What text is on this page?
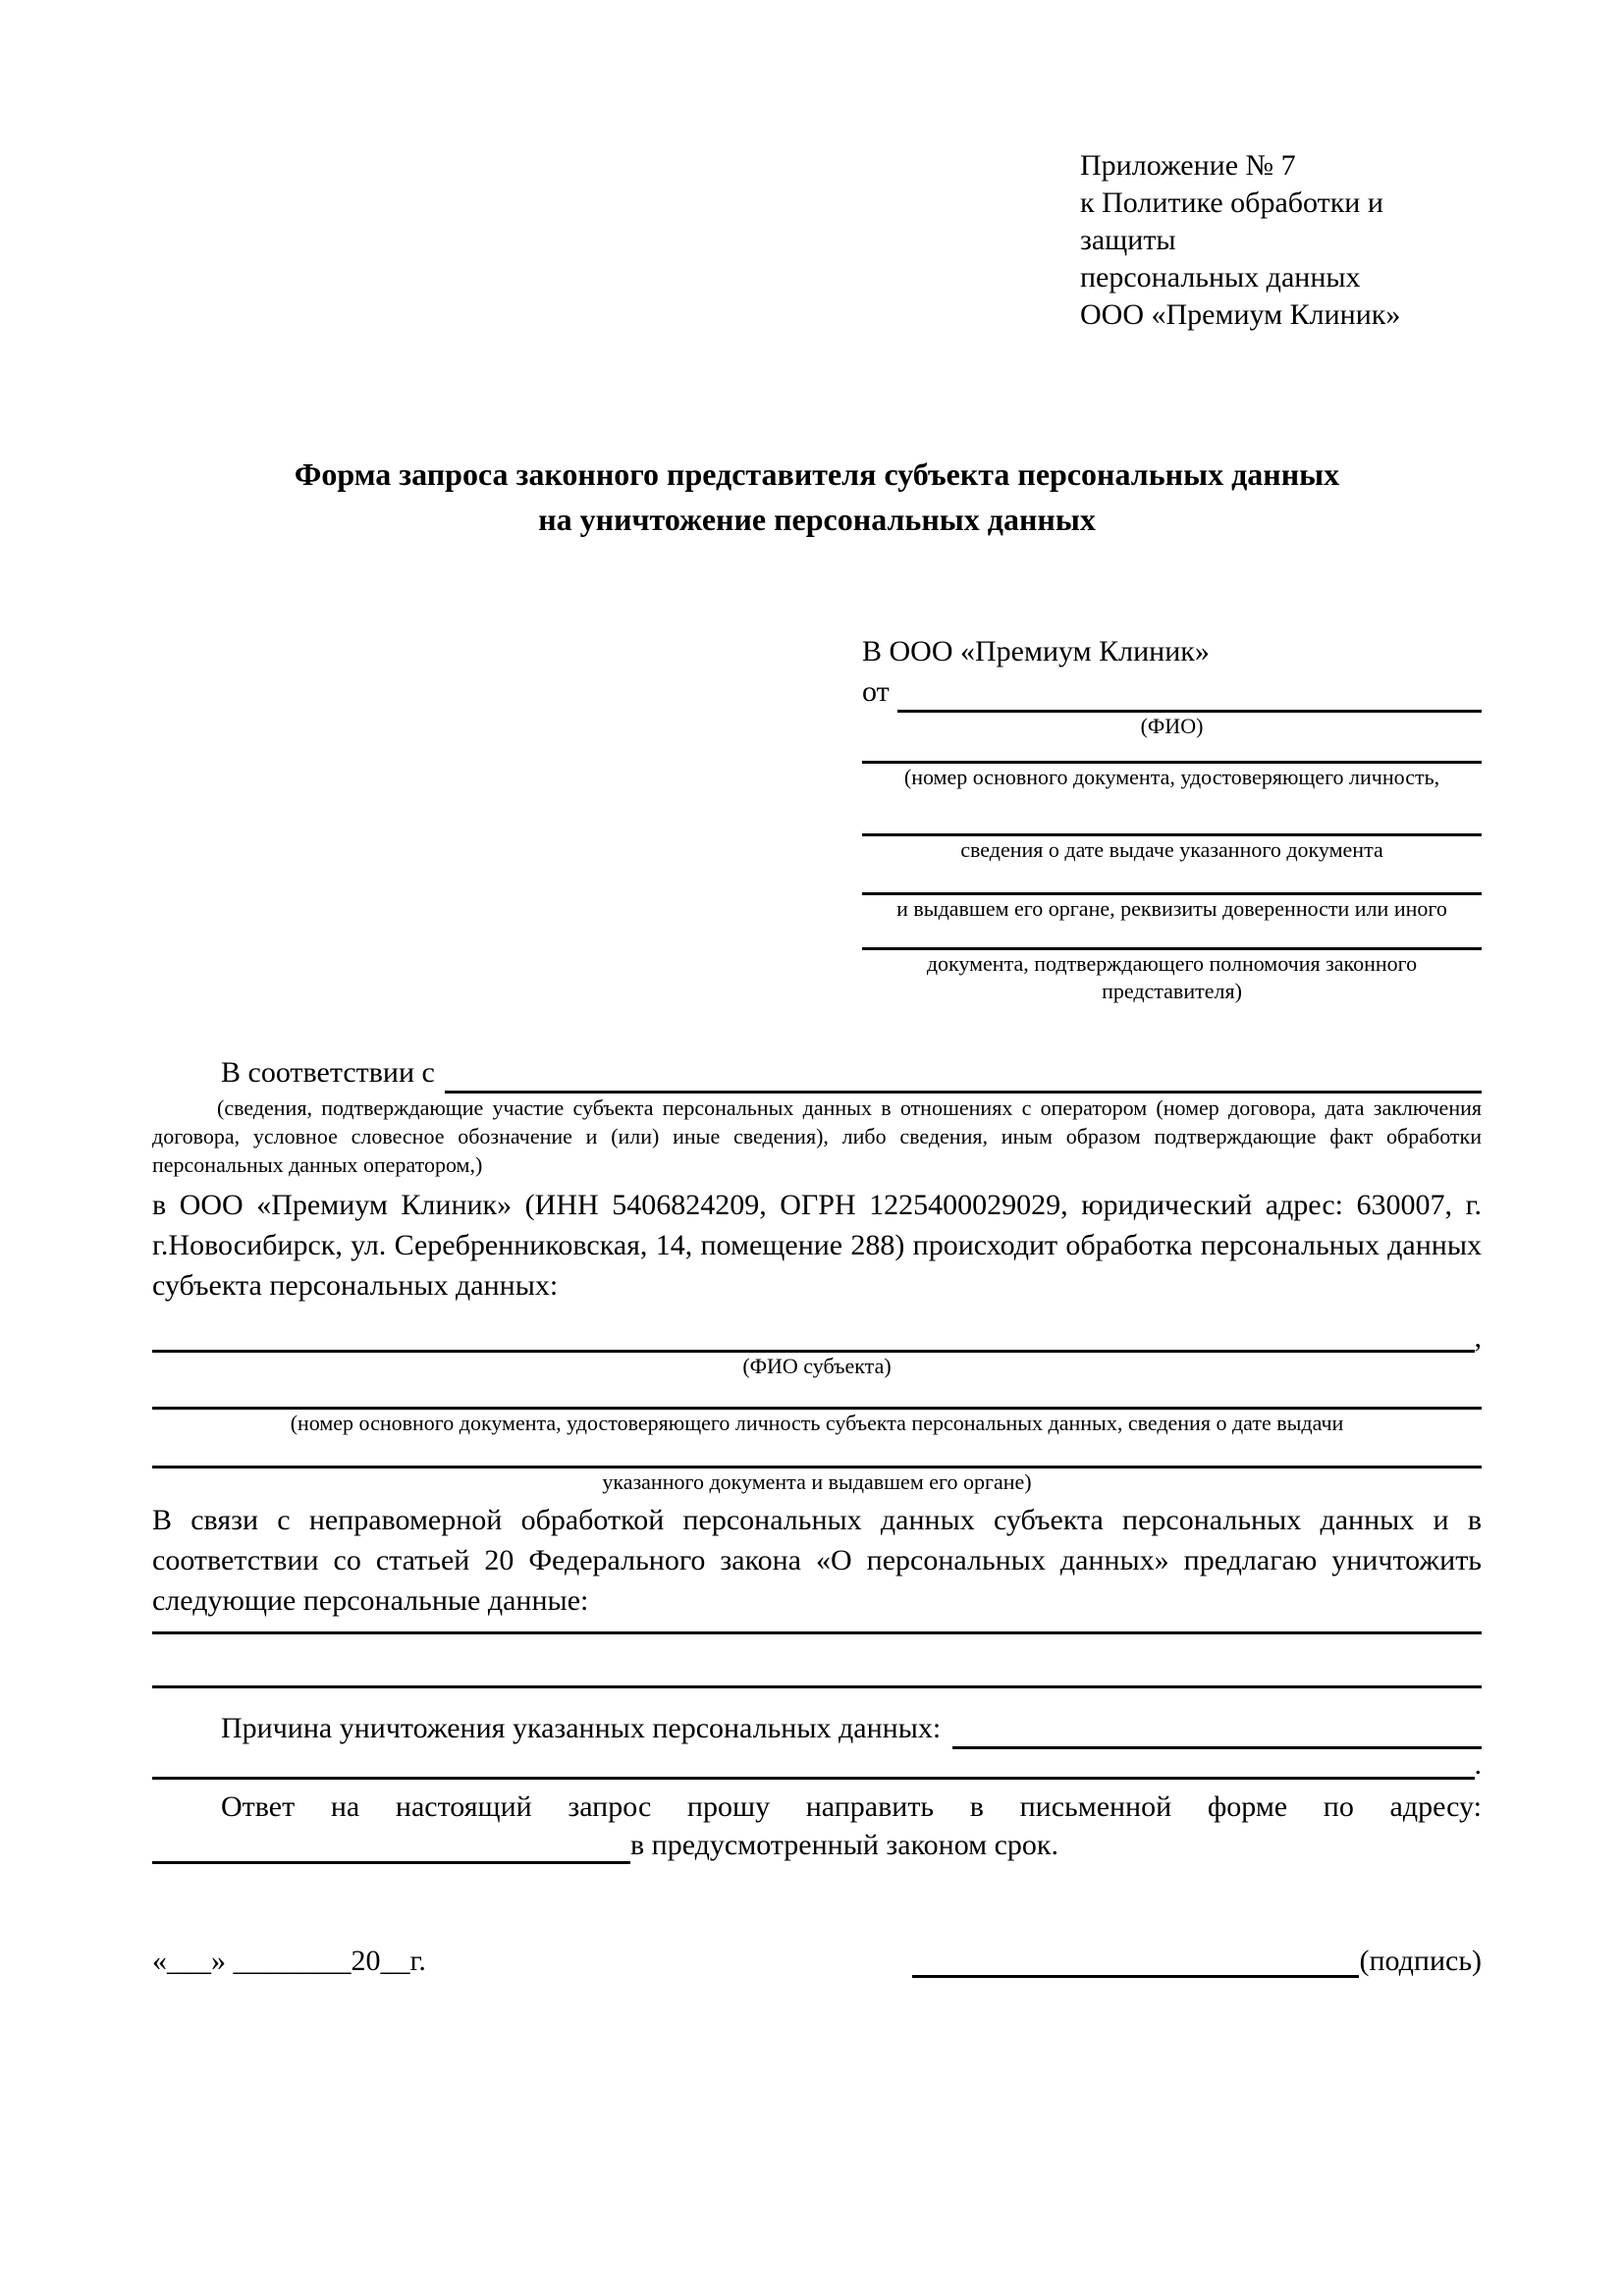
Приложение № 7
к Политике обработки и защиты
персональных данных
ООО «Премиум Клиник»
Форма запроса законного представителя субъекта персональных данных
на уничтожение персональных данных
В ООО «Премиум Клиник»
от
(ФИО)
(номер основного документа, удостоверяющего личность,
сведения о дате выдаче указанного документа
и выдавшем его органе, реквизиты доверенности или иного
документа, подтверждающего полномочия законного представителя)
В соответствии с
(сведения, подтверждающие участие субъекта персональных данных в отношениях с оператором (номер договора, дата заключения договора, условное словесное обозначение и (или) иные сведения), либо сведения, иным образом подтверждающие факт обработки персональных данных оператором,)
в ООО «Премиум Клиник» (ИНН 5406824209, ОГРН 1225400029029, юридический адрес: 630007, г. г.Новосибирск, ул. Серебренниковская, 14, помещение 288) происходит обработка персональных данных субъекта персональных данных:
,
(ФИО субъекта)
(номер основного документа, удостоверяющего личность субъекта персональных данных, сведения о дате выдачи
указанного документа и выдавшем его органе)
В связи с неправомерной обработкой персональных данных субъекта персональных данных и в соответствии со статьей 20 Федерального закона «О персональных данных» предлагаю уничтожить следующие персональные данные:
Причина уничтожения указанных персональных данных:
.
Ответ на настоящий запрос прошу направить в письменной форме по адресу:
в предусмотренный законом срок.
«___» ________20__г.	(подпись)
